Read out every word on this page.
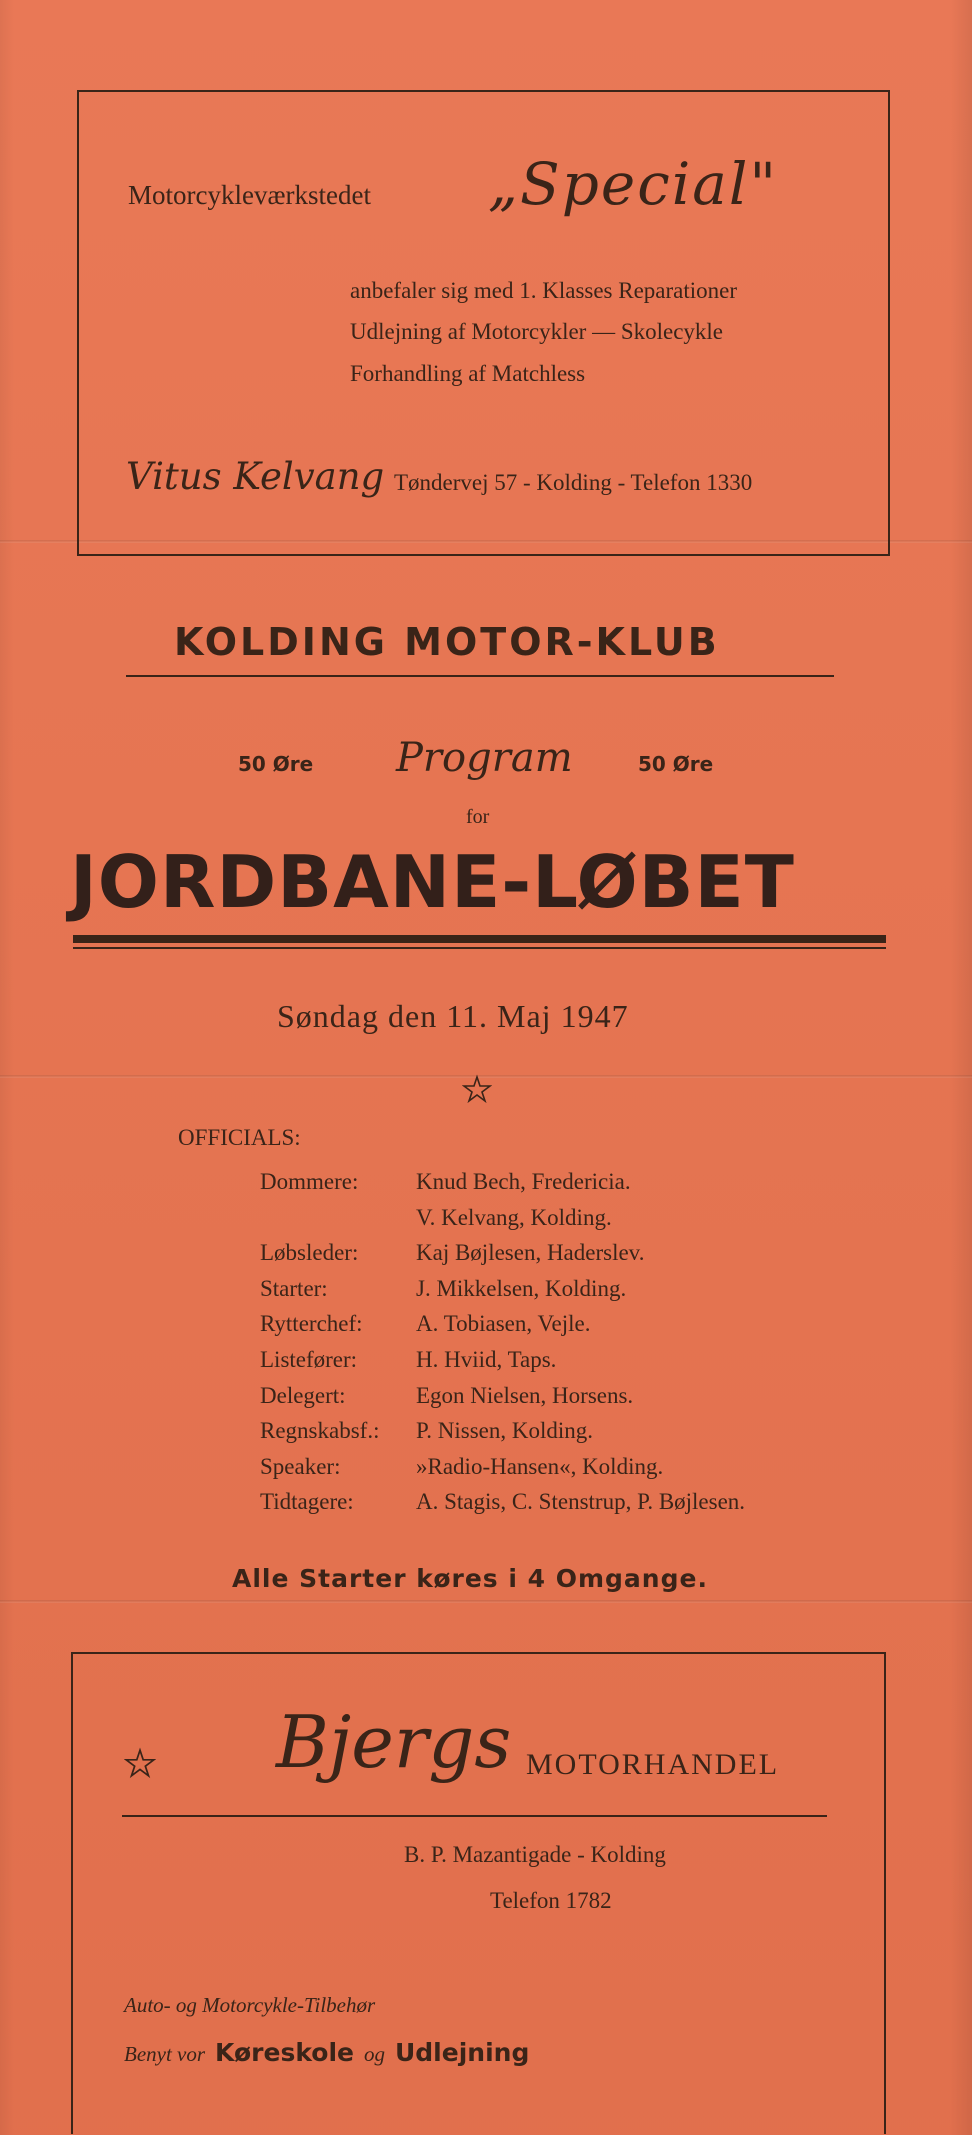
Motorcykleværkstedet „Special"
anbefaler sig med 1. Klasses Reparationer
Udlejning af Motorcykler — Skolecykle
Forhandling af Matchless
Vitus Kelvang Tøndervej 57 - Kolding - Telefon 1330
KOLDING MOTOR-KLUB
50 Øre Program	50 Øre
for
JORDBANE-LØBET
Søndag den 11. Maj 1947
OFFICIALS:
Dommere:	Knud Bech, Fredericia.
V. Kelvang, Kolding.
Løbsleder:	Kaj Bøjlesen, Haderslev.
Starter:	J. Mikkelsen, Kolding.
Rytterchef: A. Tobiasen, Vejle.
Listefører:	H. Hviid, Taps.
Delegert:	Egon Nielsen, Horsens.
Regnskabsf.: P. Nissen, Kolding.
Speaker:	»Radio-Hansen«, Kolding.
Tidtagere:	A. Stagis, C. Stenstrup, P. Bøjlesen.
Alle Starter køres i 4 Omgange.
Bjergs MOTORHANDEL
B. P. Mazantigade - Kolding
Telefon 1782
Auto- og Motorcykle-Tilbehør
Benyt vor Køreskole og Udlejning
